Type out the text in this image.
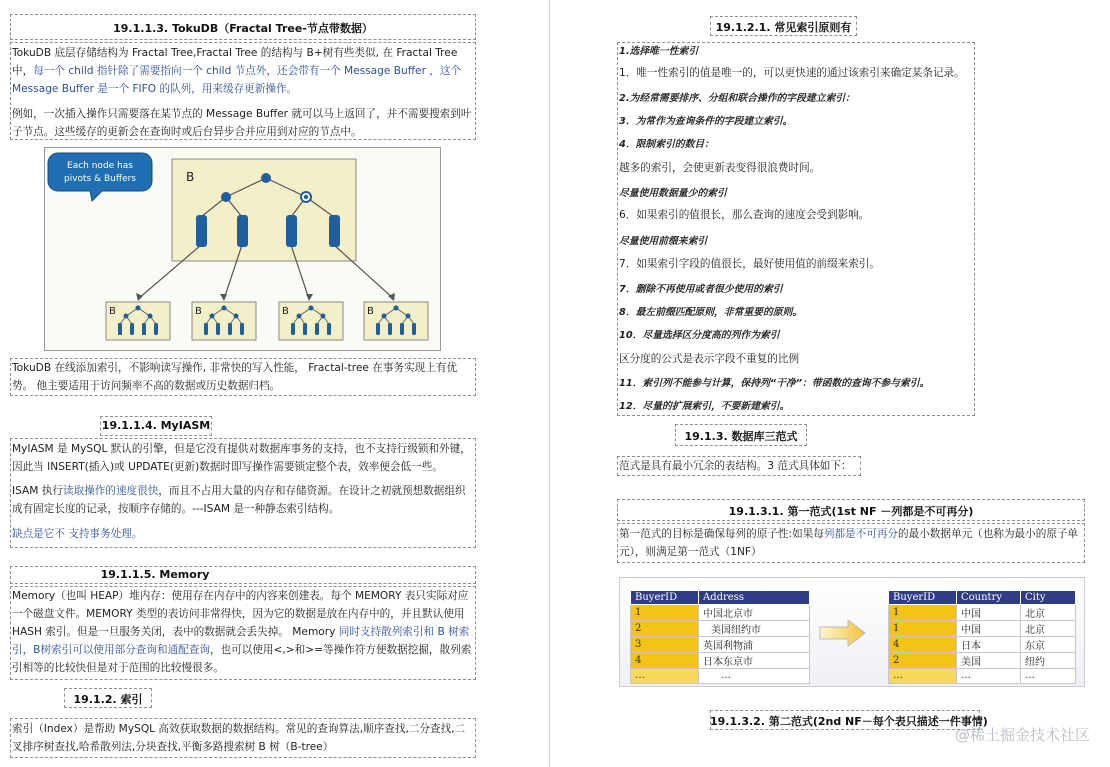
19.1.1.3. TokuDB（Fractal Tree-节点带数据）
TokuDB 底层存储结构为 Fractal Tree,Fractal Tree 的结构与 B+树有些类似, 在 Fractal Tree 中，每一个 child 指针除了需要指向一个 child 节点外，还会带有一个 Message Buffer ，这个 Message Buffer 是一个 FIFO 的队列，用来缓存更新操作。
例如，一次插入操作只需要落在某节点的 Message Buffer 就可以马上返回了，并不需要搜索到叶子节点。这些缓存的更新会在查询时或后台异步合并应用到对应的节点中。
B
Each node has
pivots & Buffers
B	B	B	B
TokuDB 在线添加索引，不影响读写操作, 非常快的写入性能， Fractal-tree 在事务实现上有优势。 他主要适用于访问频率不高的数据或历史数据归档。
19.1.1.4. MyIASM
MyIASM 是 MySQL 默认的引擎，但是它没有提供对数据库事务的支持，也不支持行级锁和外键，因此当 INSERT(插入)或 UPDATE(更新)数据时即写操作需要锁定整个表，效率便会低一些。
ISAM 执行读取操作的速度很快，而且不占用大量的内存和存储资源。在设计之初就预想数据组织成有固定长度的记录，按顺序存储的。---ISAM 是一种静态索引结构。
缺点是它不 支持事务处理。
19.1.1.5. Memory
Memory（也叫 HEAP）堆内存：使用存在内存中的内容来创建表。每个 MEMORY 表只实际对应一个磁盘文件。MEMORY 类型的表访问非常得快，因为它的数据是放在内存中的，并且默认使用 HASH 索引。但是一旦服务关闭，表中的数据就会丢失掉。 Memory 同时支持散列索引和 B 树索引，B树索引可以使用部分查询和通配查询，也可以使用<,>和>=等操作符方便数据挖掘，散列索引相等的比较快但是对于范围的比较慢很多。
19.1.2. 索引
索引（Index）是帮助 MySQL 高效获取数据的数据结构。常见的查询算法,顺序查找,二分查找,二叉排序树查找,哈希散列法,分块查找,平衡多路搜索树 B 树（B-tree）
19.1.2.1. 常见索引原则有
1.选择唯一性索引
1．唯一性索引的值是唯一的，可以更快速的通过该索引来确定某条记录。
2.为经常需要排序、分组和联合操作的字段建立索引：
3．为常作为查询条件的字段建立索引。
4．限制索引的数目：
越多的索引，会使更新表变得很浪费时间。
尽量使用数据量少的索引
6．如果索引的值很长，那么查询的速度会受到影响。
尽量使用前缀来索引
7．如果索引字段的值很长，最好使用值的前缀来索引。
7．删除不再使用或者很少使用的索引
8．最左前缀匹配原则，非常重要的原则。
10．尽量选择区分度高的列作为索引
区分度的公式是表示字段不重复的比例
11．索引列不能参与计算，保持列“干净”：带函数的查询不参与索引。
12．尽量的扩展索引，不要新建索引。
19.1.3. 数据库三范式
范式是具有最小冗余的表结构。3 范式具体如下：
19.1.3.1. 第一范式(1st NF －列都是不可再分)
第一范式的目标是确保每列的原子性:如果每列都是不可再分的最小数据单元（也称为最小的原子单元），则满足第一范式（1NF）
BuyerID	Address
1	中国北京市
2	美国纽约市
3	英国利物浦
4	日本东京市
…	…
BuyerID	Country	City
1	中国	北京
1	中国	北京
4	日本	东京
2	美国	纽约
…	…	…
19.1.3.2. 第二范式(2nd NF－每个表只描述一件事情)
@稀土掘金技术社区
